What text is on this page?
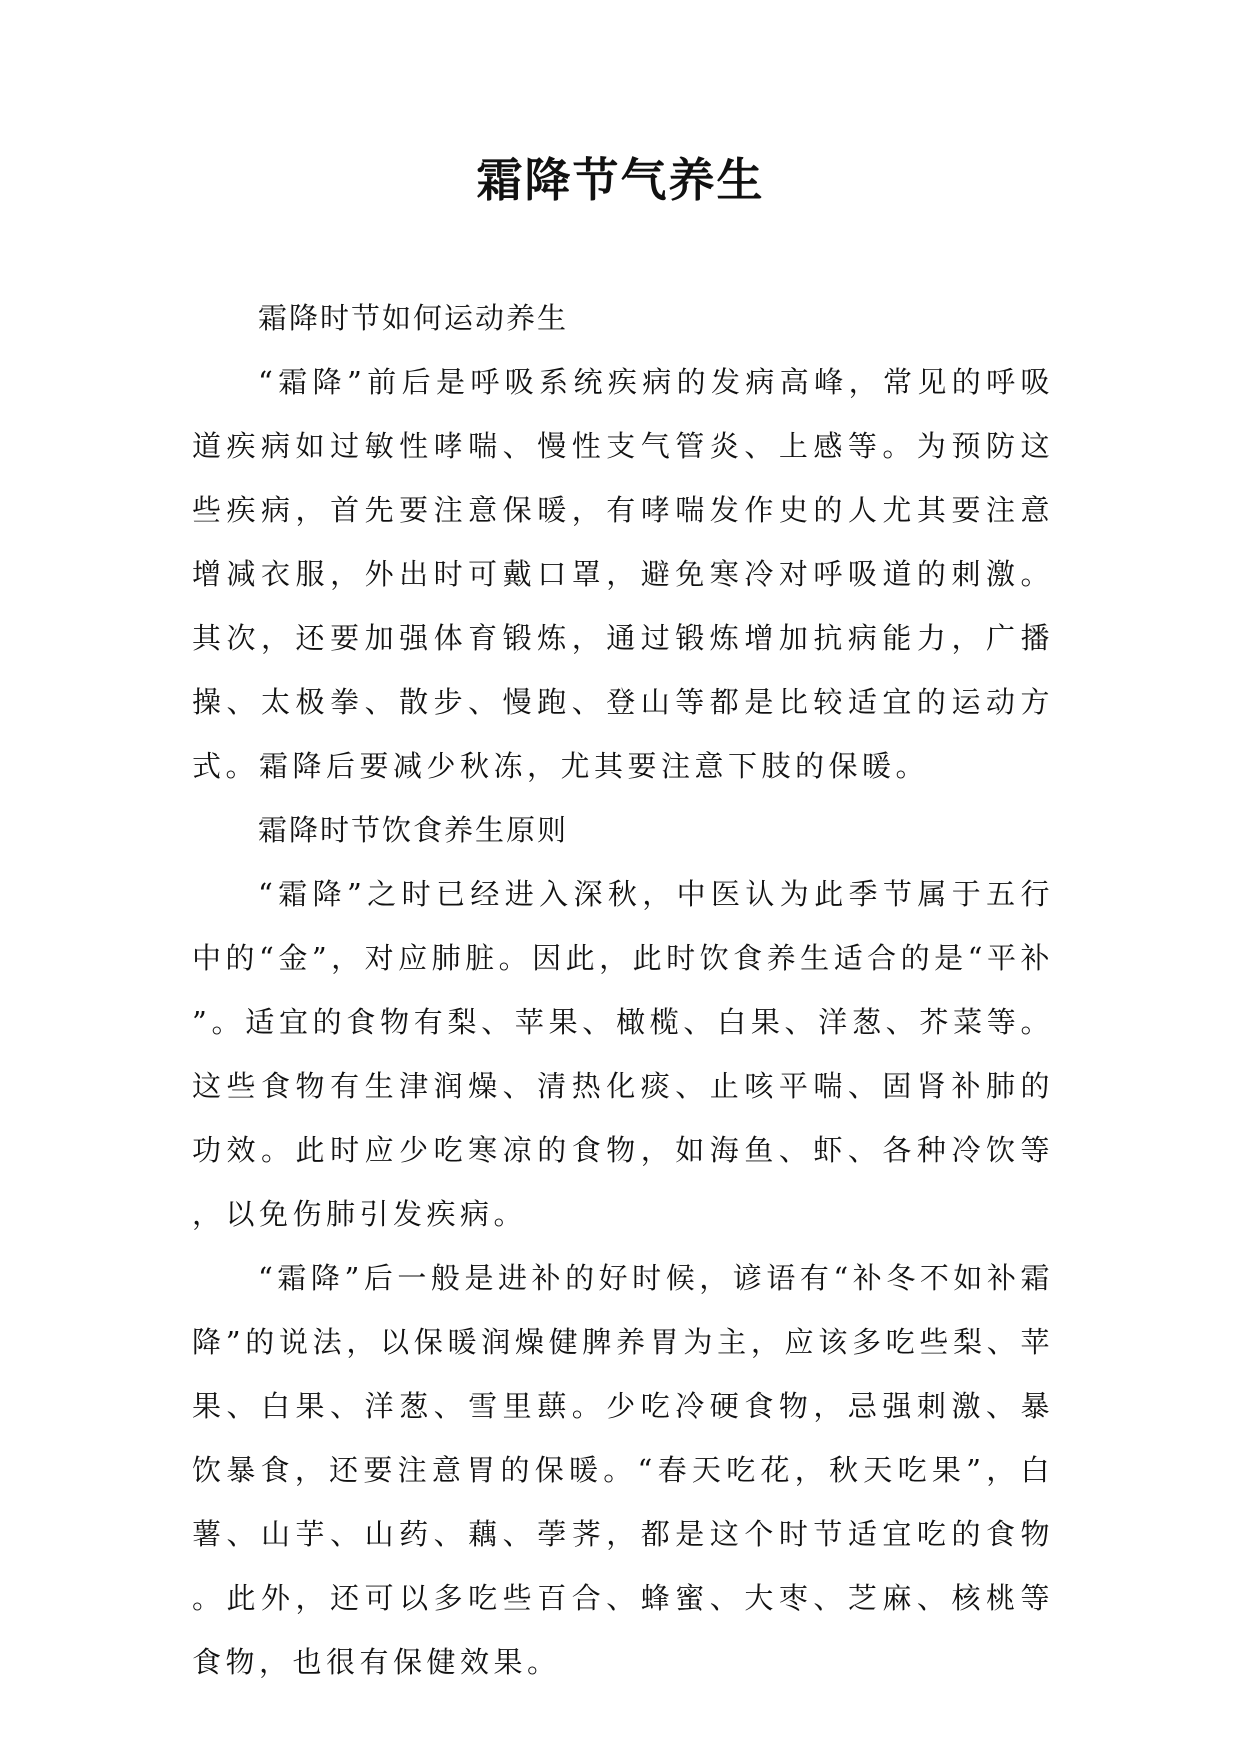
霜降节气养生

霜降时节如何运动养生

“霜降”前后是呼吸系统疾病的发病高峰，常见的呼吸道疾病如过敏性哮喘、慢性支气管炎、上感等。为预防这些疾病，首先要注意保暖，有哮喘发作史的人尤其要注意增减衣服，外出时可戴口罩，避免寒冷对呼吸道的刺激。其次，还要加强体育锻炼，通过锻炼增加抗病能力，广播操、太极拳、散步、慢跑、登山等都是比较适宜的运动方式。霜降后要减少秋冻，尤其要注意下肢的保暖。

霜降时节饮食养生原则

“霜降”之时已经进入深秋，中医认为此季节属于五行中的“金”，对应肺脏。因此，此时饮食养生适合的是“平补”。适宜的食物有梨、苹果、橄榄、白果、洋葱、芥菜等。这些食物有生津润燥、清热化痰、止咳平喘、固肾补肺的功效。此时应少吃寒凉的食物，如海鱼、虾、各种冷饮等，以免伤肺引发疾病。

“霜降”后一般是进补的好时候，谚语有“补冬不如补霜降”的说法，以保暖润燥健脾养胃为主，应该多吃些梨、苹果、白果、洋葱、雪里蕻。少吃冷硬食物，忌强刺激、暴饮暴食，还要注意胃的保暖。“春天吃花，秋天吃果”，白薯、山芋、山药、藕、荸荠，都是这个时节适宜吃的食物。此外，还可以多吃些百合、蜂蜜、大枣、芝麻、核桃等食物，也很有保健效果。
